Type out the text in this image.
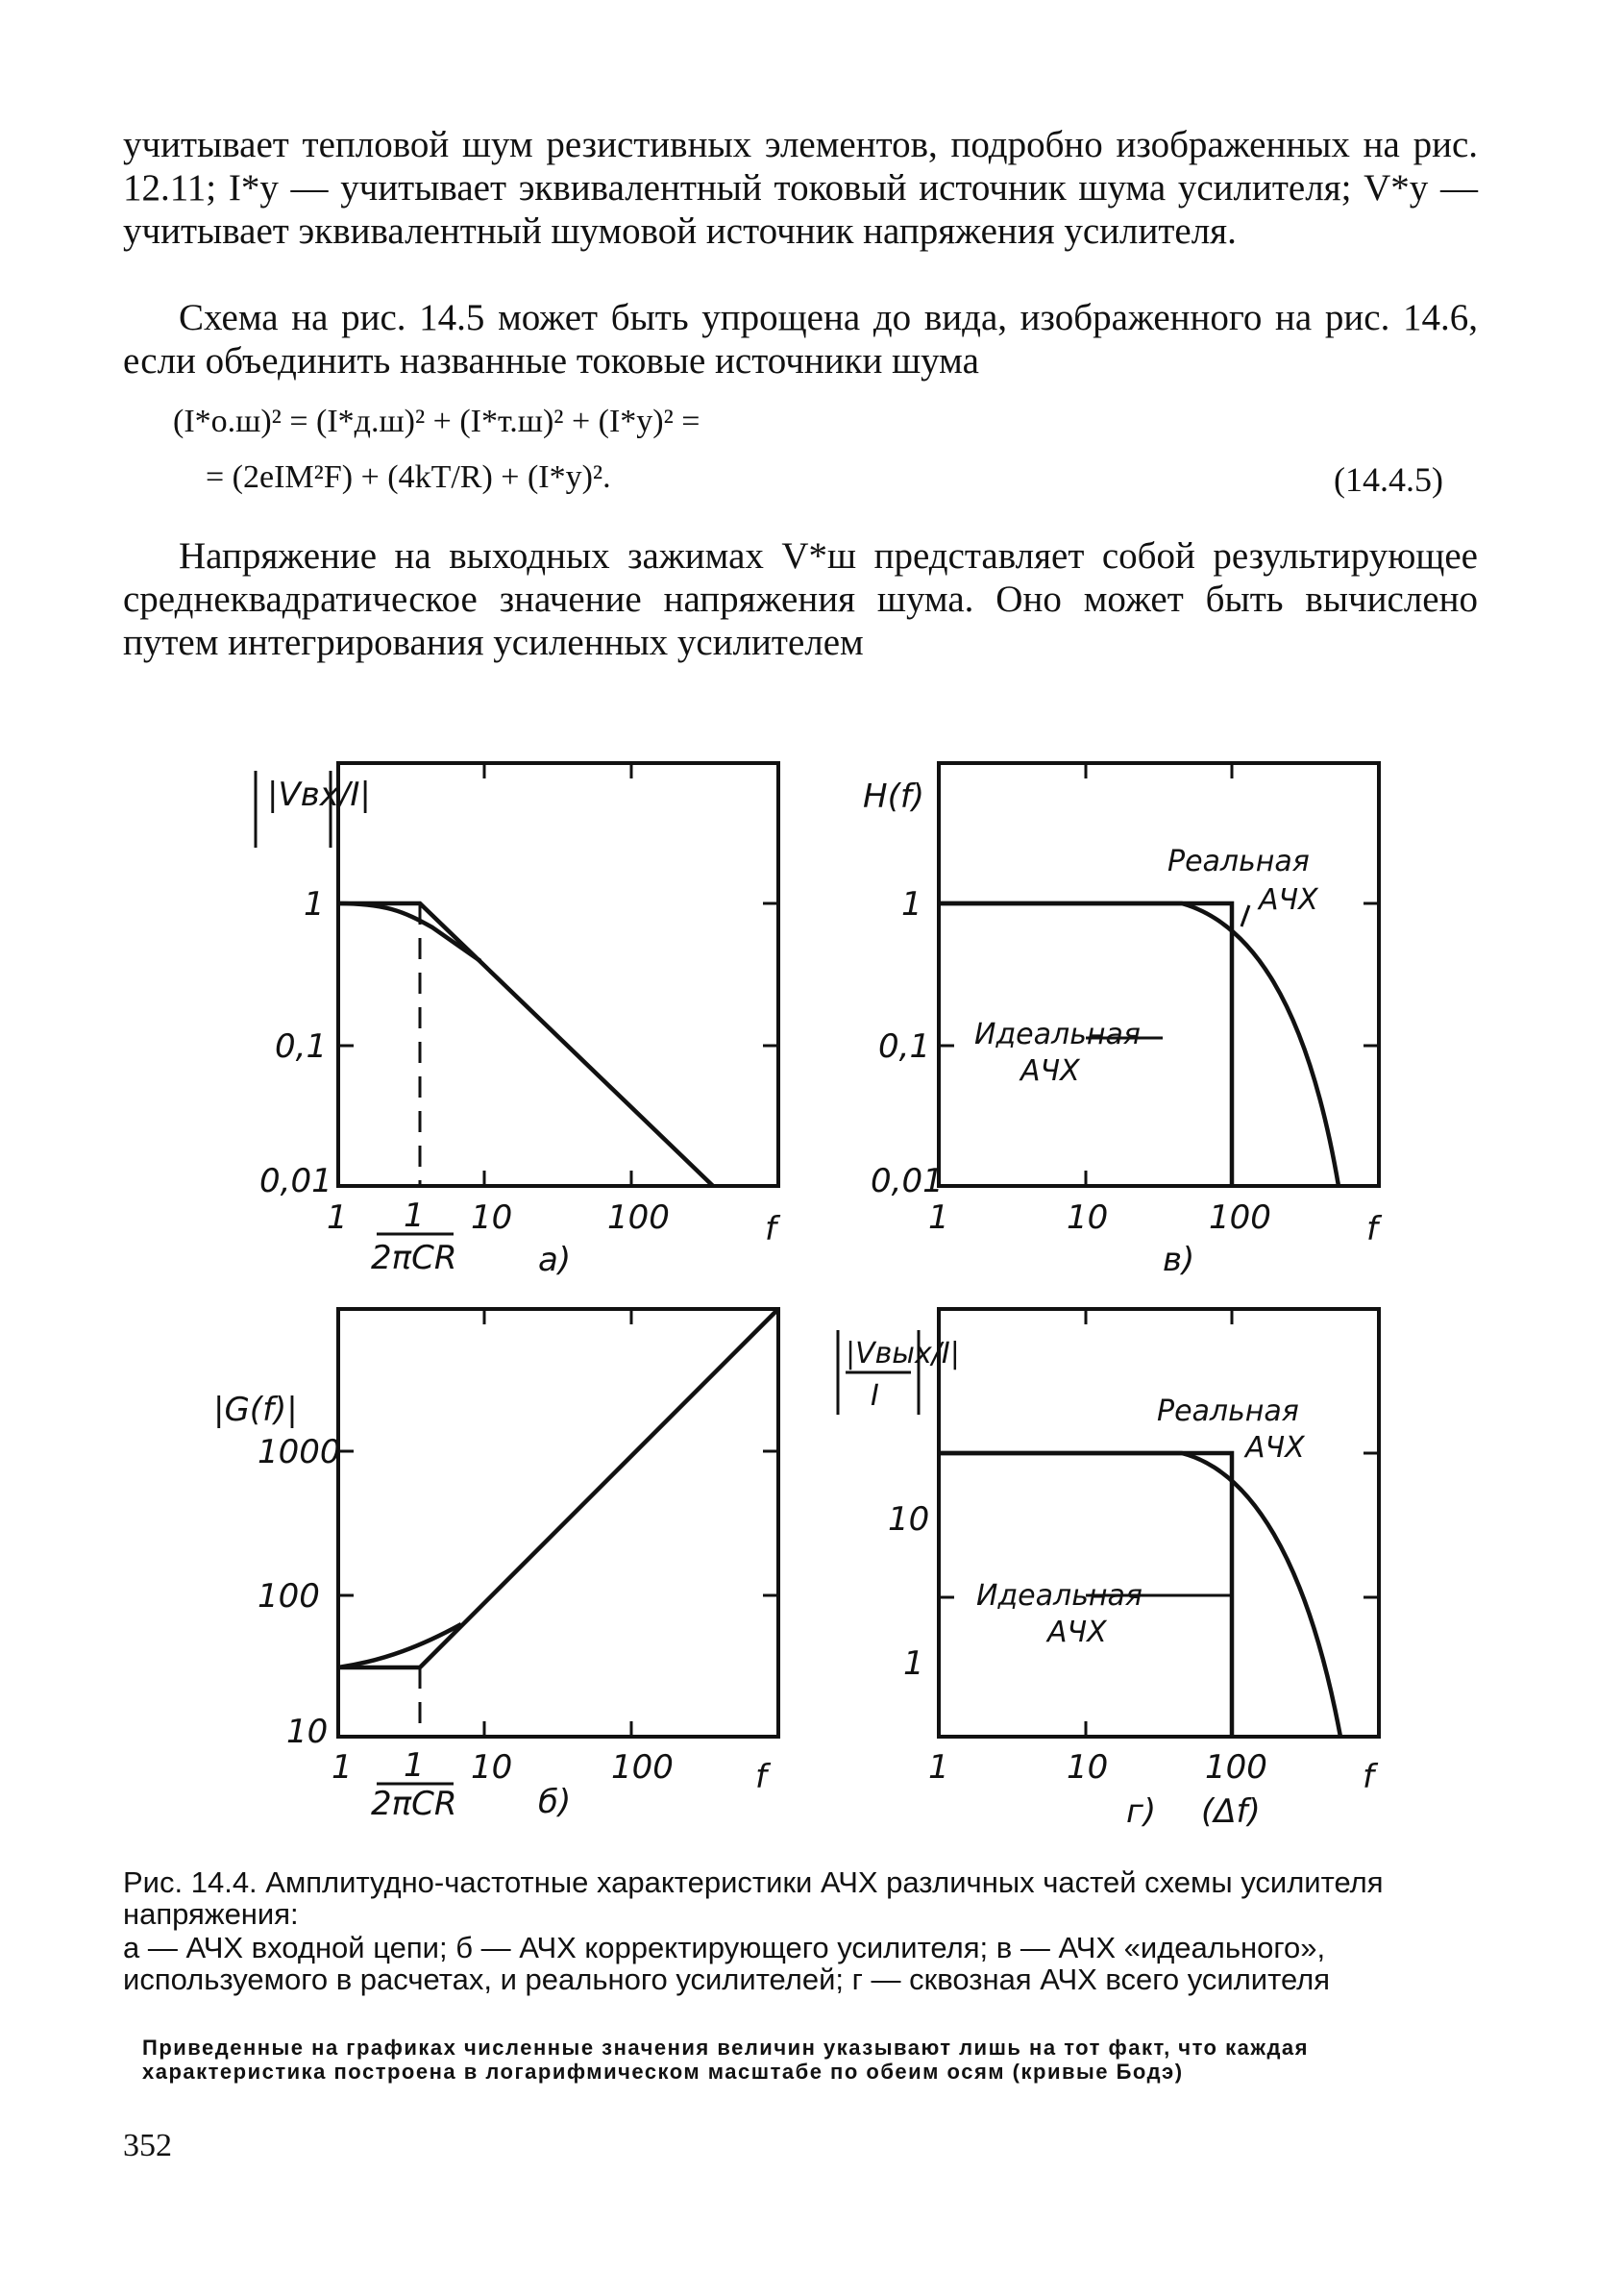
учитывает тепловой шум резистивных элементов, подробно изображенных на рис. 12.11; I*у — учитывает эквивалентный токовый источник шума усилителя; V*у — учитывает эквивалентный шумовой источник напряжения усилителя.

Схема на рис. 14.5 может быть упрощена до вида, изображенного на рис. 14.6, если объединить названные токовые источники шума

(I*о.ш)² = (I*д.ш)² + (I*т.ш)² + (I*у)² =
= (2eIM²F) + (4kT/R) + (I*у)².	(14.4.5)

Напряжение на выходных зажимах V*ш представляет собой результирующее среднеквадратическое значение напряжения шума. Оно может быть вычислено путем интегрирования усиленных усилителем

|Vвх/I|
1
0,1
0,01
1	10	100	f
1
2πCR а)
H(f)
1
0,1
0,01
1	10	100	f
Реальная
АЧХ
Идеальная
АЧХ
в)
|G(f)|
1000
100
10
1	10	100	f
1
2πCR б)
|Vвых/I|
I
10
1
1	10	100	f
Реальная
АЧХ
Идеальная
АЧХ
г) (Δf)

Рис. 14.4. Амплитудно-частотные характеристики АЧХ различных частей схемы усилителя напряжения:

а — АЧХ входной цепи; б — АЧХ корректирующего усилителя; в — АЧХ «идеального», используемого в расчетах, и реального усилителей; г — сквозная АЧХ всего усилителя

Приведенные на графиках численные значения величин указывают лишь на тот факт, что каждая характеристика построена в логарифмическом масштабе по обеим осям (кривые Бодэ)

352
